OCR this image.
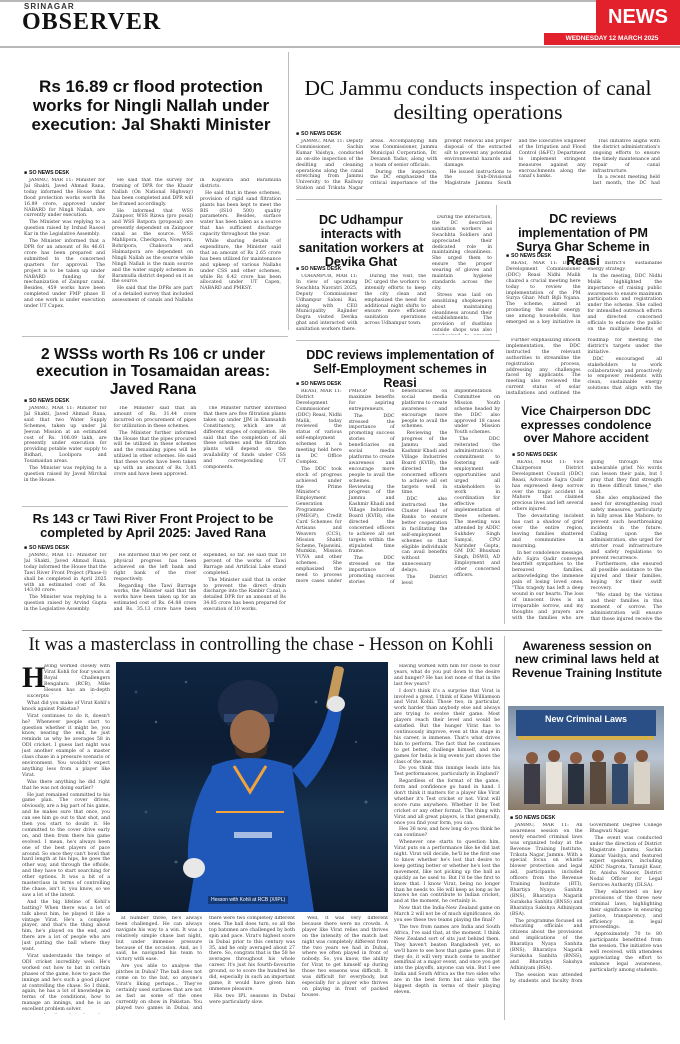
SRINAGAR
OBSERVER	NEWS
WEDNESDAY 12 MARCH 2025
Rs 16.89 cr flood protection works for Ningli Nallah under execution: Jal Shakti Minister
■ SO NEWS DESK

JAMMU, MAR 11: Minister for Jal Shakti, Javed Ahmad Rana, today informed the House that flood protection works worth Rs 16.89 crore, approved under NABARD for Ningli Nallah, are currently under execution.

The Minister was replying to a question raised by Irshad Rasool Kar in the Legislative Assembly.

The Minister informed that a DPR for an amount of Rs 46.61 crore has been prepared and submitted to the concerned quarters for approval. The project is to be taken up under NABARD funding for mechanization of Zainpur canal. Besides, 459 works have been completed under FMP phase II and one work is under execution under UT Capex.

He said that the survey for framing of DPR for the Khazir Nallah (On National Highway) has been completed and DPR will be framed accordingly.

He informed that WSS Zainpoor, WSS Rizwa (pro posal) and WSS Batpora (proposal) are presently dependent on Zainpoor canal as the source. WSS Mahlipora, Checkpora, Nowpora, Bohripora, Chakoora and Halmatpora are dependent on Ningli Nallah as the source while Ningli Nallah is the main source and the water supply schemes in Baramulla district depend on it as the source.

He said that the DPRs are part of a detailed survey that included assessment of canals and Nallahs in Kupwara and Baramulla districts.

He said that in these schemes, provision of rigid sand filtration plants has been kept to meet the BIS (IS10 500) quality parameters. Besides, surface water has been taken as a source that has sufficient discharge capacity throughout the year.

While sharing details of expenditure, the Minister said that an amount of Rs 2.65 crore has been utilized for maintenance and upkeep of various Nallahs under CSS and other schemes, while Rs 6.42 crore has been allocated under UT Capex, NABARD and PMKSY.

DC Jammu conducts inspection of canal desilting operations
■ SO NEWS DESK

JAMMU, MAR 11: Deputy Commissioner, Sachin Kumar Vaishya, conducted an on-site inspection of the desilting and cleaning operations along the canal stretching from Jammu University to the Railway Station and Trikuta Nagar areas. Accompanying him was Commissioner, Jammu Municipal Corporation, Dr. Devansh Yadav, along with a team of senior officials.

During the inspection, the DC emphasized the critical importance of the prompt removal and proper disposal of the extracted silt to prevent any potential environmental hazards and damage.

He issued instructions to the Sub-Divisional Magistrate Jammu South and the Executive Engineer of the Irrigation and Flood Control (I&FC) Department to implement stringent measures against any encroachments along the canal's banks.

This initiative aligns with the district administration's ongoing efforts to ensure the timely maintenance and repair of canal infrastructure.

In a recent meeting held last month, the DC had

DC Udhampur interacts with sanitation workers at Devika Ghat
■ SO NEWS DESK

UDHAMPUR, MAR 11: In view of upcoming Swachhta Navratri 2025, Deputy Commissioner Udhampur Saloni Rai, along with CEO Municipality Rajinder Dogra visited Devika ghat and interacted with sanitation workers there.

During the visit, the DC urged the workers to intensify efforts to keep the city clean and emphasized the need for additional night shifts to ensure more efficient sanitation operations across Udhampur town.

During the interaction, the DC described sanitation workers as Swachhta Soldiers and appreciated their dedicated role in maintaining cleanliness. She urged them to ensure the proper wearing of gloves and maintain hygiene standards across the city.

Stress was laid on sensitizing shopkeepers about maintaining cleanliness around their establishments. The provision of dustbins outside shops was also

DC reviews implementation of PM Surya Ghar Scheme in Reasi
■ SO NEWS DESK

REASI, MAR 11: District Development Commissioner (DDC) Reasi Nidhi Malik chaired a crucial meeting here today to review the implementation of the PM Surya Ghar: Muft Bijli Yojana. The scheme, aimed at promoting the solar energy use among households, has emerged as a key initiative in the district's sustainable energy strategy.

In the meeting, DDC Nidhi Malik highlighted the importance of raising public awareness to ensure maximum participation and registration under the scheme. She called for intensified outreach efforts and directed concerned officials to educate the public on the multiple benefits of

Further emphasizing smooth implementation, the DDC instructed the relevant authorities to streamline the registration process, addressing any challenges faced by applicants. The meeting also reviewed the current status of solar installations and outlined the roadmap for meeting the district's targets under the initiative.

DDC encouraged all stakeholders to work collaboratively and proactively to empower residents with clean, sustainable energy solutions that align with the

2 WSSs worth Rs 106 cr under execution in Tosamaidan areas: Javed Rana
■ SO NEWS DESK

JAMMU, MAR 11: Minister for Jal Shakti, Javed Ahmad Rana, said that two Water Supply Schemes, taken up under Jal Jeevan Mission at an estimated cost of Rs. 106.09 lakh, are presently under execution for providing potable water supply to Bidhari, Loolipora and Tosamaidan areas.

The Minister was replying to a question raised by Javed Mirchal in the House.

The Minister said that an amount of Rs. 31.44 crore incurred on procurement of pipes for utilization in these schemes.

The Minister further informed the House that the pipes procured will be utilized in these schemes and the remaining pipes will be utilized in other schemes. He said that these works have been taken up with an amount of Rs. 3.85 crore and have been approved.

The Minister further informed that there are five filtration plants taken up under JJM in Khansahib Constituency, which are at different stages of completion. He said that the completion of all these schemes and the filtration plants will depend on the availability of funds under CSS and corresponding UT components.

DDC reviews implementation of Self-Employment schemes in Reasi
■ SO NEWS DESK

REASI, MAR 11: District Development Commissioner (DDC) Reasi, Nidhi Malik, today reviewed the status of various self-employment schemes in a meeting held here in DC Office Complex.

The DDC took stock of progress achieved under the Prime Minister's Employment Generation Programme (PMEGP), Credit Card Schemes for Artisans and Weavers (CCS), Mission Shakti Scheme, Tejaswini, Mumkin, Mission YUVA and other schemes. She emphasized the need to process more cases under PMEGP to maximize benefits for aspiring entrepreneurs.

The DDC stressed the importance of promoting success stories of beneficiaries on social media platforms to create awareness and encourage more people to avail the schemes. Reviewing the progress of the Jammu and Kashmir Khadi and Village Industries Board (KVIB), she directed the concerned officers to achieve all set targets within the stipulated time frame.

The DDC stressed on the importance of promoting success stories of beneficiaries on social media platforms to create awareness and encourage more people to avail the schemes.

Reviewing the progress of the Jammu and Kashmir Khadi and Village Industries Board (KVIB), the directed the concerned officers to achieve all set targets well in time.

DDC also instructed the Cluster Head of Banks to ensure better cooperation in facilitating the self-employment schemes so that eligible individuals can avail benefits without unnecessary delays.

The District level implementation Committee on Mission Youth scheme headed by the DDC also approved 18 cases under Mission Youth schemes.

The DDC reiterated the administration's commitment to fostering self-employment opportunities and urged all stakeholders to work in coordination for effective implementation of these schemes. The meeting was attended by ADDC Sukhdev Singh Samyal, CPO Narinder Gupta, GM DIC Bhushan Singh, DSWO, AD Employment and other concerned officers.

Vice Chairperson DDC expresses condolence over Mahore accident
■ SO NEWS DESK

REASI, MAR 11: Vice Chairperson District Development Council (DDC) Reasi, Advocate Sajra Qadir has expressed deep sorrow over the tragic accident in Mahore that claimed precious lives and left several others injured.

The devastating incident has cast a shadow of grief over the entire region, leaving families shattered and communities in mourning.

In her condolence message, Adv. Sajra Qadir conveyed heartfelt sympathies to the bereaved families, acknowledging the immense pain of losing loved ones. "This tragedy has left a deep wound in our hearts. The loss of innocent lives is an irreparable sorrow, and my thoughts and prayers are with the families who are going through this unbearable grief. No words can lessen their pain, but I pray that they find strength in these difficult times," she said.

She also emphasized the need for strengthening road safety measures, particularly in hilly areas like Mahore, to prevent such heartbreaking incidents in the future. Calling upon the administration, she urged for stricter road infrastructure and safety regulations to prevent recurrence.

Furthermore, she ensured all possible assistance to the injured and their families, hoping for their swift recovery.

"We stand by the victims and their families in this moment of sorrow. The administration will ensure that those injured receive the

Rs 143 cr Tawi River Front Project to be completed by April 2025: Javed Rana
■ SO NEWS DESK

JAMMU, MAR 11: Minister for Jal Shakti, Javed Ahmad Rana, today informed the House that the Tawi River Front Project (Phase-I) shall be completed in April 2025 with an estimated cost of Rs. 143.00 crore.

The Minister was replying to a question raised by Arvind Gupta in the Legislative Assembly.

He informed that 96 per cent of physical progress has been achieved on the left bank and right bank of the river respectively.

Regarding the Tawi Barrage works, the Minister said that the works have been taken up for an estimated cost of Rs. 64.88 crore and Rs. 35.13 crore have been expended, so far. He said that 18 percent of the works of Tawi Barrage and Artificial Lake stand completed.

The Minister said that in order to prevent the direct drain discharge into the Ranbir Canal, a detailed DPR for an amount of Rs 34.85 crore has been prepared for execution of 10 works.

It was a masterclass in controlling the chase - Hesson on Kohli
H

aving worked closely with Virat Kohli for four years at Royal Challengers Bengaluru (RCB), Mike Hesson has an in-depth

Excerpts:

What did you make of Virat Kohli's knock against Pakistan?

Virat continues to do it, doesn't he? Whenever people start to question whether it might be, you know, nearing the end, he just reminds us why he averages 58 in ODI cricket. I guess last night was just another example of a master class chase in a pressure scenario or environment. You wouldn't expect anything less from a player like Virat.

Was there anything he did right that he was not doing earlier?

He just remained committed to his game plan. The cover drives, obviously, are a big part of his game, and he makes sure that once, you can see him go out to that shot, and then you start to doubt it. He committed to the cover drive early on, and then from there his game evolved. I mean, he's always been one of the best players of pace around. So once they can't bowl that hard length at his hips, he goes the other way, and through the offside, and they have to start searching for other options. It was a bit of a masterclass in terms of controlling the chase, isn't it, you know, so we saw a lot of the intent.

And the big lifeline of Kohli's batting? When there was a lot of talk about him, he played it like a vintage Virat. He's a complete player, and that's the thing about him, he's played on the end, and there are a lot of people who are just putting the ball where they want.

Virat understands the tempo of ODI cricket incredibly well. He's worked out how to bat in certain phases of the game, how to pace the innings and he's such a good player at controlling the chase. So I think, again, he has a lot of knowledge in terms of the conditions, how to manage an innings, and he is an excellent problem solver.

Hesson with Kohli at RCB (X/IPL)

at number three, he's always been challenged. He can always navigate his way to a win. It was a relatively simple chase last night, but under immense pressure because of the occasion. And, as I said, he navigated his team to victory with ease.

Are you able to analyse the pitches in Dubai? The ball does not come on to the bat, so anyone's Virat's liking perhaps... They've certainly used surfaces that are not as fast as some of the ones currently on show in Pakistan. You played two games in Dubai, and there were two completely different ones. The ball does turn, so all the top batsmen are challenged by both spin and pace. Virat's highest score in Dubai prior to this century was 35, and he only averaged about 27 there. So, congrats that is the 58 he averages throughout his whole career. It's just his fourth-favourite ground, so to score the hundred he did, especially in such an important game, it would have given him immense pleasure.

His two IPL seasons in Dubai were particularly slow.

Well, it was very different because there were no crowds. A player like Virat relies and thrives on the intensity of the match last night was completely different from the two years we had in Dubai, where we often played in front of nobody. So, you know, the ability for Virat to get himself up during those two seasons was difficult. It was difficult for everybody, but especially for a player who thrives on playing in front of packed houses.

Having worked with him for close to four years, what do you put down to the desire and hunger? He has lost none of that in the last few years?

I don't think it's a surprise that Virat is involved a great. I think of Kane Williamson and Virat Kohli. Those two, in particular, work harder than anybody else and always are trying to evolve their game. Most players reach their level and would be satisfied. But the hunger Virat has to continuously improve, even at this stage in his career, is immense. That's what drives him to perform. The fact that he continues to get better, challenge himself, and win games for India is big events just shows the class of the man.

Do you think this innings leads into his Test performances, particularly in England?

Regardless of the format of the game, form and confidence go hand in hand. I don't think it matters for a player like Virat whether it's Test cricket or not. Virat will score runs anywhere. Whether it be Test cricket or any other format. The thing with Virat and all great players, is that generally, once you find your form, you can.

Hes 36 now, and how long do you think he can continue?

Whenever one starts to question him, Virat puts on a performance like he did last night. Virat will decide, he'll be the first one to know whether he's lost that desire to keep getting better or whether he's lost the movement, like not picking up the ball as quickly as he used to. But I'd be the first to know that. I know Virat, being no longer than he needs to. He will keep as long as he knows he can contribute to Indian cricket, and at the moment, he certainly is.

Now that the India-New Zealand game on March 2 will not be of much significance, do you see these two teams playing the final?

The two from names are India and South Africa, I've said that, at the moment. I think New Zealand sort of sits just behind them. They haven't beaten Bangladesh yet, so we'll have to see how that game goes. But if they do, it will very much come to another semifinal at a major event, and once you get into the playoffs, anyone can win. But I see India and South Africa as the two sides who are in the best form but also with the biggest depth in terms of their playing eleven.

Awareness session on new criminal laws held at Revenue Training Institute
New Criminal Laws
■ SO NEWS DESK

JAMMU, MAR 11: An awareness session on the newly enacted criminal laws was organized today at the Revenue Training Institute, Trikuta Nagar, Jammu. With a special focus on whistle blower protection and legal aid, participants included officers from the Revenue Training Institute (RTI), Bhartiya Nyaya Sanhita (BNS), Bharatiya Nagarik Suraksha Sanhita (BNSS) and Bharatiya Sakshya Adhiniyam (BSA).

The programme focused on educating officials and citizens about the provisions and implications of the Bharatiya Nyaya Sanhita (BNS), Bharatiya Nagarik Suraksha Sanhita (BNSS), and Bharatiya Sakshya Adhiniyam (BSA).

The session was attended by students and faculty from Government Degree College Bhagwati Nagar.

The event was conducted under the direction of District Magistrate Jammu, Sachin Kumar Vaishya, and featured expert speakers, including ADDC Nagrota, Taranjit Kaur, Dr. Anisha Nanoor, District Nodal Officer for Legal Services Authority (DLSA).

They elaborated on key provisions of the three new criminal laws, highlighting their significance in ensuring justice, transparency, and efficiency in legal proceedings.

Approximately 70 to 80 participants benefitted from the session. The initiative was well received, with attendees appreciating the effort to enhance legal awareness, particularly among students.
